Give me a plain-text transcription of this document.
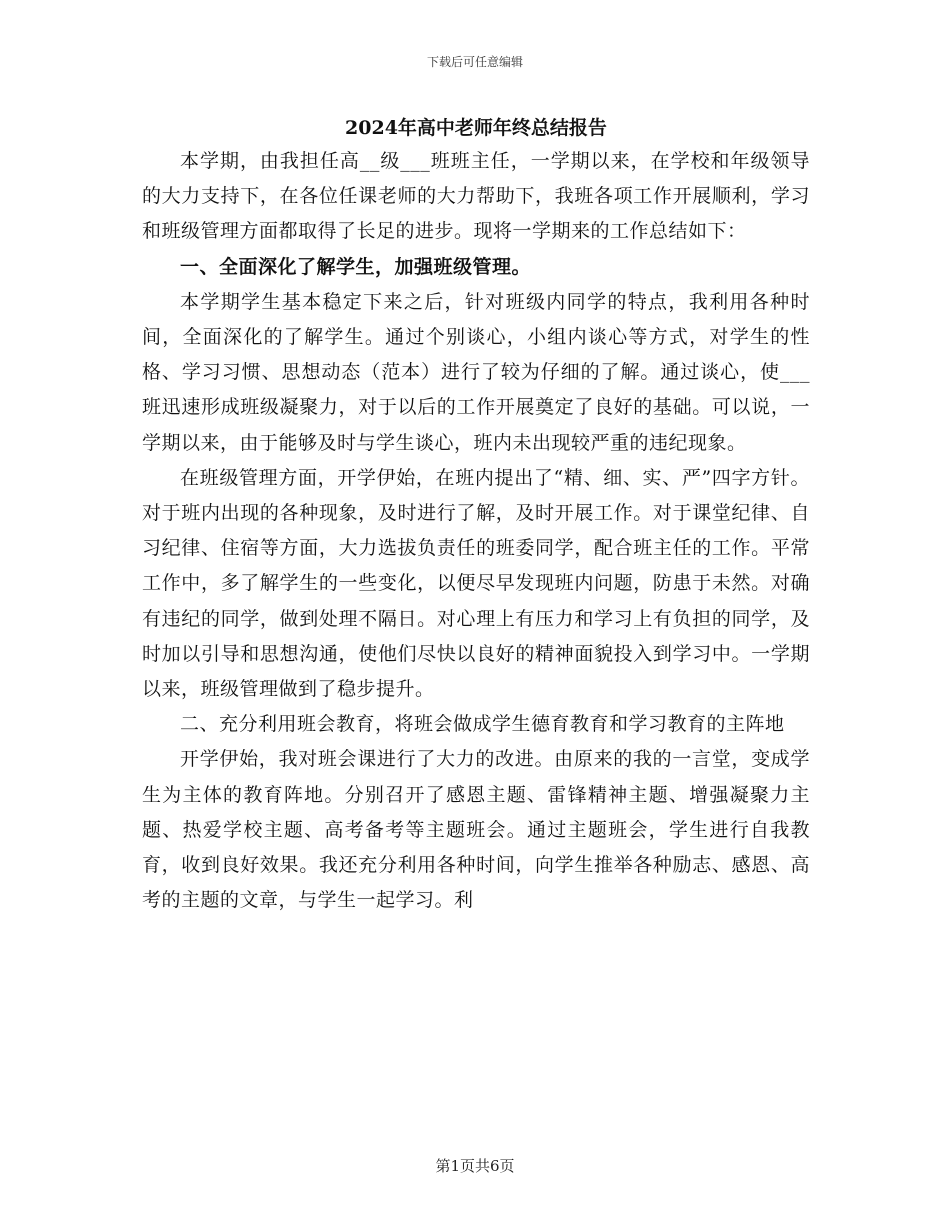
下载后可任意编辑
2024年高中老师年终总结报告

本学期，由我担任高__级___班班主任，一学期以来，在学校和年级领导的大力支持下，在各位任课老师的大力帮助下，我班各项工作开展顺利，学习和班级管理方面都取得了长足的进步。现将一学期来的工作总结如下：

一、全面深化了解学生，加强班级管理。

本学期学生基本稳定下来之后，针对班级内同学的特点，我利用各种时间，全面深化的了解学生。通过个别谈心，小组内谈心等方式，对学生的性格、学习习惯、思想动态（范本）进行了较为仔细的了解。通过谈心，使___班迅速形成班级凝聚力，对于以后的工作开展奠定了良好的基础。可以说，一学期以来，由于能够及时与学生谈心，班内未出现较严重的违纪现象。

在班级管理方面，开学伊始，在班内提出了“精、细、实、严”四字方针。对于班内出现的各种现象，及时进行了解，及时开展工作。对于课堂纪律、自习纪律、住宿等方面，大力选拔负责任的班委同学，配合班主任的工作。平常工作中，多了解学生的一些变化，以便尽早发现班内问题，防患于未然。对确有违纪的同学，做到处理不隔日。对心理上有压力和学习上有负担的同学，及时加以引导和思想沟通，使他们尽快以良好的精神面貌投入到学习中。一学期以来，班级管理做到了稳步提升。

二、充分利用班会教育，将班会做成学生德育教育和学习教育的主阵地

开学伊始，我对班会课进行了大力的改进。由原来的我的一言堂，变成学生为主体的教育阵地。分别召开了感恩主题、雷锋精神主题、增强凝聚力主题、热爱学校主题、高考备考等主题班会。通过主题班会，学生进行自我教育，收到良好效果。我还充分利用各种时间，向学生推举各种励志、感恩、高考的主题的文章，与学生一起学习。利

第1页共6页
